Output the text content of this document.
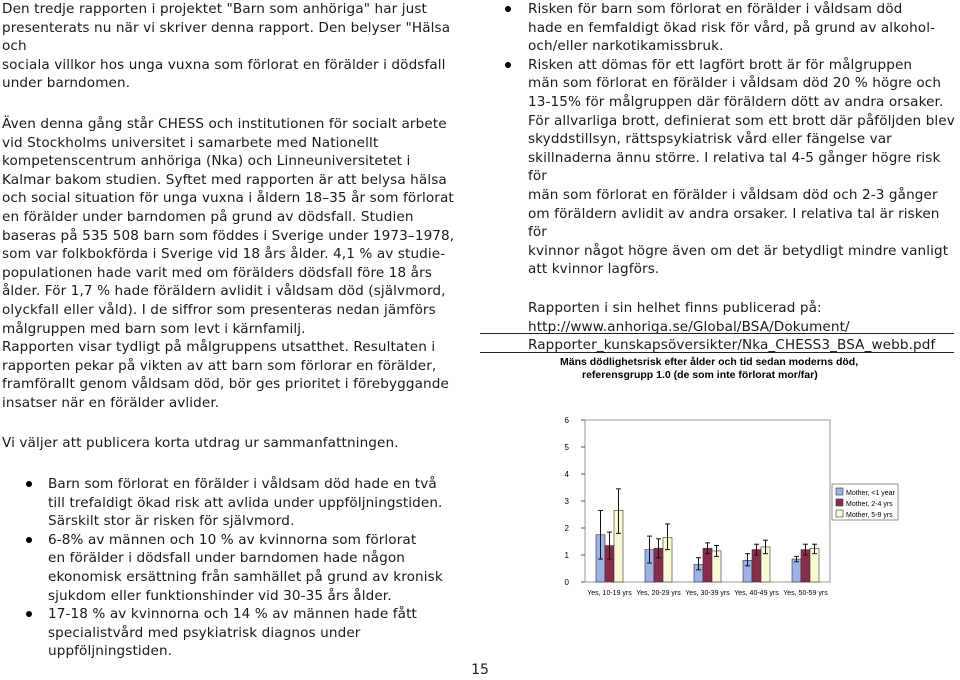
Den tredje rapporten i projektet "Barn som anhöriga" har just
presenterats nu när vi skriver denna rapport. Den belyser "Hälsa och
sociala villkor hos unga vuxna som förlorat en förälder i dödsfall
under barndomen.

Även denna gång står CHESS och institutionen för socialt arbete
vid Stockholms universitet i samarbete med Nationellt
kompetenscentrum anhöriga (Nka) och Linneuniversitetet i
Kalmar bakom studien. Syftet med rapporten är att belysa hälsa
och social situation för unga vuxna i åldern 18–35 år som förlorat
en förälder under barndomen på grund av dödsfall. Studien
baseras på 535 508 barn som föddes i Sverige under 1973–1978,
som var folkbokförda i Sverige vid 18 års ålder. 4,1 % av studie-
populationen hade varit med om förälders dödsfall före 18 års
ålder. För 1,7 % hade föräldern avlidit i våldsam död (självmord,
olyckfall eller våld). I de siffror som presenteras nedan jämförs
målgruppen med barn som levt i kärnfamilj.
Rapporten visar tydligt på målgruppens utsatthet. Resultaten i
rapporten pekar på vikten av att barn som förlorar en förälder,
framförallt genom våldsam död, bör ges prioritet i förebyggande
insatser när en förälder avlider.

Vi väljer att publicera korta utdrag ur sammanfattningen.

Barn som förlorat en förälder i våldsam död hade en två
till trefaldigt ökad risk att avlida under uppföljningstiden.
Särskilt stor är risken för självmord.
6-8% av männen och 10 % av kvinnorna som förlorat
en förälder i dödsfall under barndomen hade någon
ekonomisk ersättning från samhället på grund av kronisk
sjukdom eller funktionshinder vid 30-35 års ålder.
17-18 % av kvinnorna och 14 % av männen hade fått
specialistvård med psykiatrisk diagnos under
uppföljningstiden.
Risken för barn som förlorat en förälder i våldsam död
hade en femfaldigt ökad risk för vård, på grund av alkohol-
och/eller narkotikamissbruk.
Risken att dömas för ett lagfört brott är för målgruppen
män som förlorat en förälder i våldsam död 20 % högre och
13-15% för målgruppen där föräldern dött av andra orsaker.
För allvarliga brott, definierat som ett brott där påföljden blev
skyddstillsyn, rättspsykiatrisk vård eller fängelse var
skillnaderna ännu större. I relativa tal 4-5 gånger högre risk för
män som förlorat en förälder i våldsam död och 2-3 gånger
om föräldern avlidit av andra orsaker. I relativa tal är risken för
kvinnor något högre även om det är betydligt mindre vanligt
att kvinnor lagförs.

Rapporten i sin helhet finns publicerad på:

http://www.anhoriga.se/Global/BSA/Dokument/
Rapporter_kunskapsöversikter/Nka_CHESS3_BSA_webb.pdf
Mäns dödlighetsrisk efter ålder och tid sedan moderns död,
referensgrupp 1.0 (de som inte förlorat mor/far)
0
1
2
3
4
5
6
Yes, 10-19 yrs Yes, 20-29 yrs Yes, 30-39 yrs Yes, 40-49 yrs Yes, 50-59 yrs
Mother, <1 year
Mother, 2-4 yrs
Mother, 5-9 yrs
15
